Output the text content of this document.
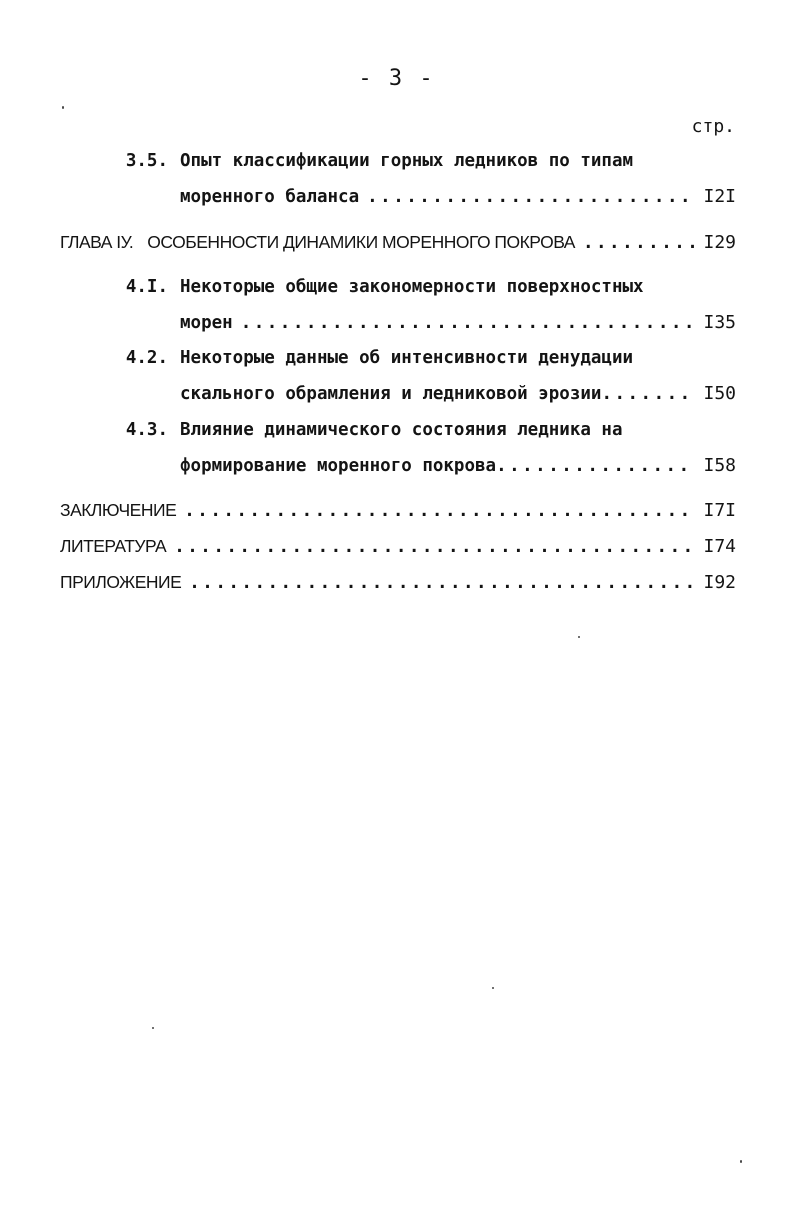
- 3 -
стр.
3.5. Опыт классификации горных ледников по типам
моренного баланса .....	I2I
ГЛАВА IУ. ОСОБЕННОСТИ ДИНАМИКИ МОРЕННОГО ПОКРОВА .....	I29
4.I. Некоторые общие закономерности поверхностных
морен .....	I35
4.2. Некоторые данные об интенсивности денудации
скального обрамления и ледниковой эрозии .....	I50
4.3. Влияние динамического состояния ледника на
формирование моренного покрова .....	I58
ЗАКЛЮЧЕНИЕ .....	I7I
ЛИТЕРАТУРА .....	I74
ПРИЛОЖЕНИЕ .....	I92
